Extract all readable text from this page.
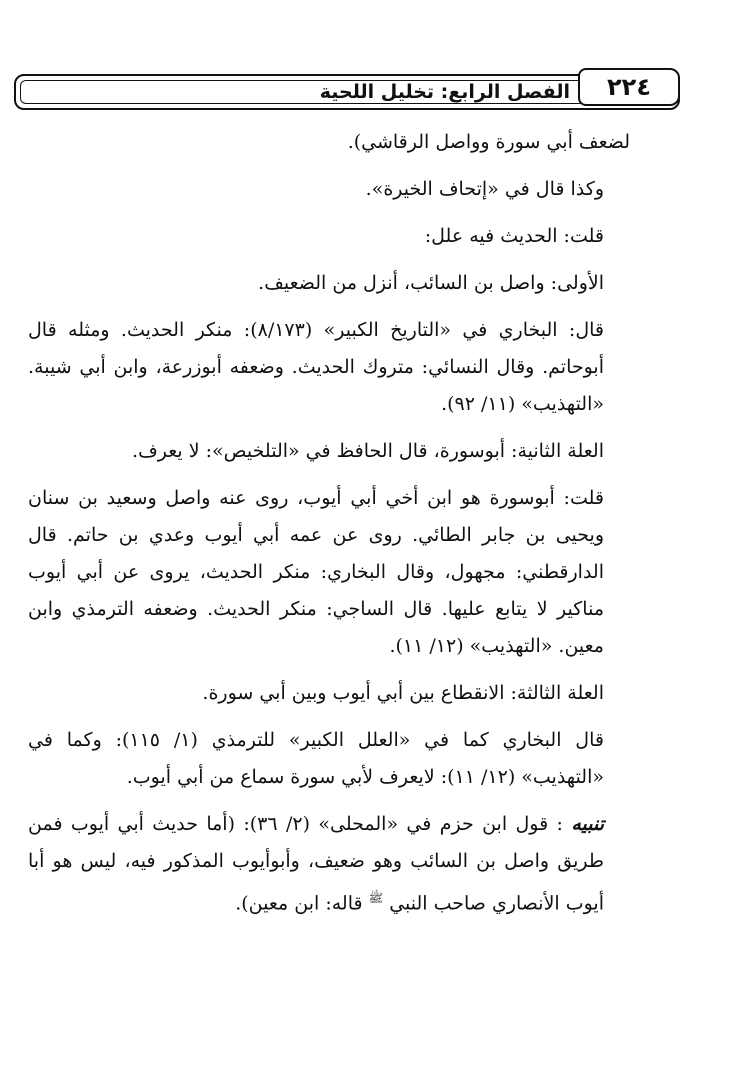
الفصل الرابع: تخليل اللحية ٢٢٤

لضعف أبي سورة وواصل الرقاشي).

وكذا قال في «إتحاف الخيرة».

قلت: الحديث فيه علل:

الأولى: واصل بن السائب، أنزل من الضعيف.

قال: البخاري في «التاريخ الكبير» (٨/١٧٣): منكر الحديث. ومثله قال أبوحاتم. وقال النسائي: متروك الحديث. وضعفه أبوزرعة، وابن أبي شيبة. «التهذيب» (١١/ ٩٢).

العلة الثانية: أبوسورة، قال الحافظ في «التلخيص»: لا يعرف.

قلت: أبوسورة هو ابن أخي أبي أيوب، روى عنه واصل وسعيد بن سنان ويحيى بن جابر الطائي. روى عن عمه أبي أيوب وعدي بن حاتم. قال الدارقطني: مجهول، وقال البخاري: منكر الحديث، يروى عن أبي أيوب مناكير لا يتابع عليها. قال الساجي: منكر الحديث. وضعفه الترمذي وابن معين. «التهذيب» (١٢/ ١١).

العلة الثالثة: الانقطاع بين أبي أيوب وبين أبي سورة.

قال البخاري كما في «العلل الكبير» للترمذي (١/ ١١٥): وكما في «التهذيب» (١٢/ ١١): لايعرف لأبي سورة سماع من أبي أيوب.

تنبيه : قول ابن حزم في «المحلى» (٢/ ٣٦): (أما حديث أبي أيوب فمن طريق واصل بن السائب وهو ضعيف، وأبوأيوب المذكور فيه، ليس هو أبا أيوب الأنصاري صاحب النبي $^ﷺ$ قاله: ابن معين).
